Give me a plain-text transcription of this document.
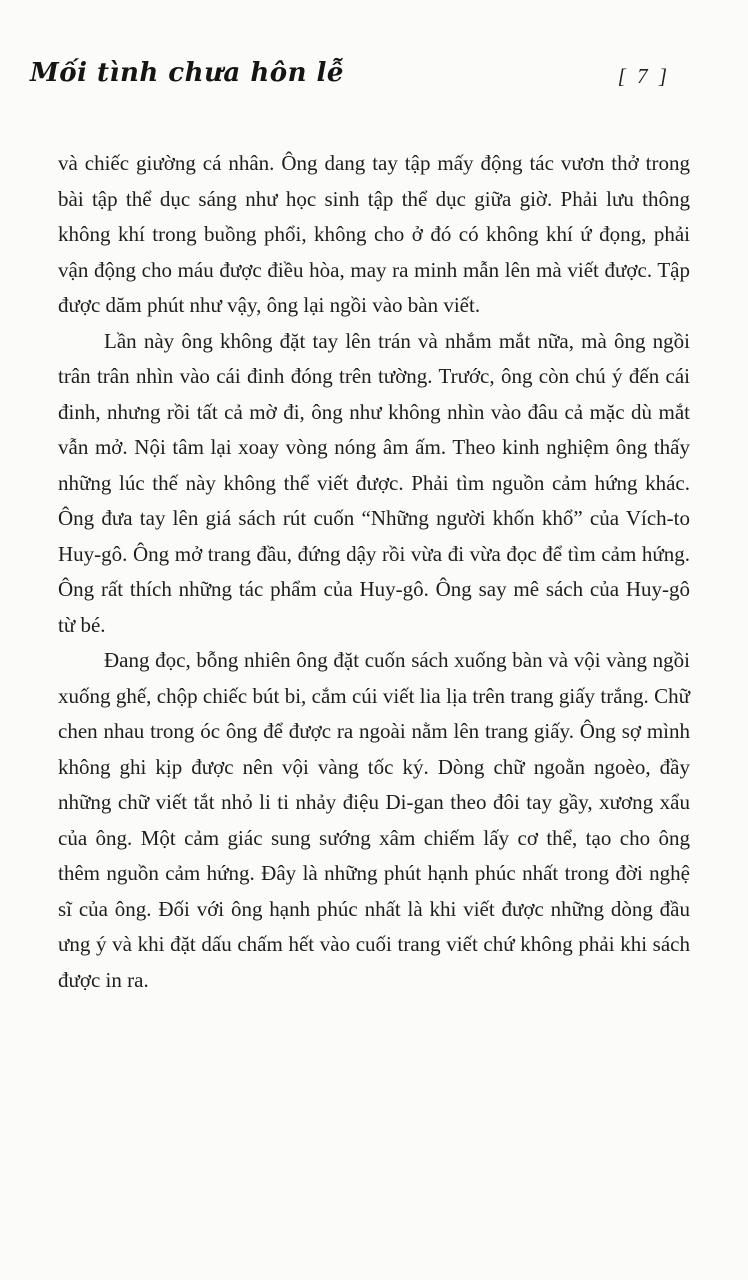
Mối tình chưa hôn lễ	[ 7 ]

và chiếc giường cá nhân. Ông dang tay tập mấy động tác vươn thở trong bài tập thể dục sáng như học sinh tập thể dục giữa giờ. Phải lưu thông không khí trong buồng phổi, không cho ở đó có không khí ứ đọng, phải vận động cho máu được điều hòa, may ra minh mẫn lên mà viết được. Tập được dăm phút như vậy, ông lại ngồi vào bàn viết.

Lần này ông không đặt tay lên trán và nhắm mắt nữa, mà ông ngồi trân trân nhìn vào cái đinh đóng trên tường. Trước, ông còn chú ý đến cái đinh, nhưng rồi tất cả mờ đi, ông như không nhìn vào đâu cả mặc dù mắt vẫn mở. Nội tâm lại xoay vòng nóng âm ấm. Theo kinh nghiệm ông thấy những lúc thế này không thể viết được. Phải tìm nguồn cảm hứng khác. Ông đưa tay lên giá sách rút cuốn “Những người khốn khổ” của Vích-to Huy-gô. Ông mở trang đầu, đứng dậy rồi vừa đi vừa đọc để tìm cảm hứng. Ông rất thích những tác phẩm của Huy-gô. Ông say mê sách của Huy-gô từ bé.

Đang đọc, bỗng nhiên ông đặt cuốn sách xuống bàn và vội vàng ngồi xuống ghế, chộp chiếc bút bi, cắm cúi viết lia lịa trên trang giấy trắng. Chữ chen nhau trong óc ông để được ra ngoài nằm lên trang giấy. Ông sợ mình không ghi kịp được nên vội vàng tốc ký. Dòng chữ ngoằn ngoèo, đầy những chữ viết tắt nhỏ li ti nhảy điệu Di-gan theo đôi tay gầy, xương xẩu của ông. Một cảm giác sung sướng xâm chiếm lấy cơ thể, tạo cho ông thêm nguồn cảm hứng. Đây là những phút hạnh phúc nhất trong đời nghệ sĩ của ông. Đối với ông hạnh phúc nhất là khi viết được những dòng đầu ưng ý và khi đặt dấu chấm hết vào cuối trang viết chứ không phải khi sách được in ra.
